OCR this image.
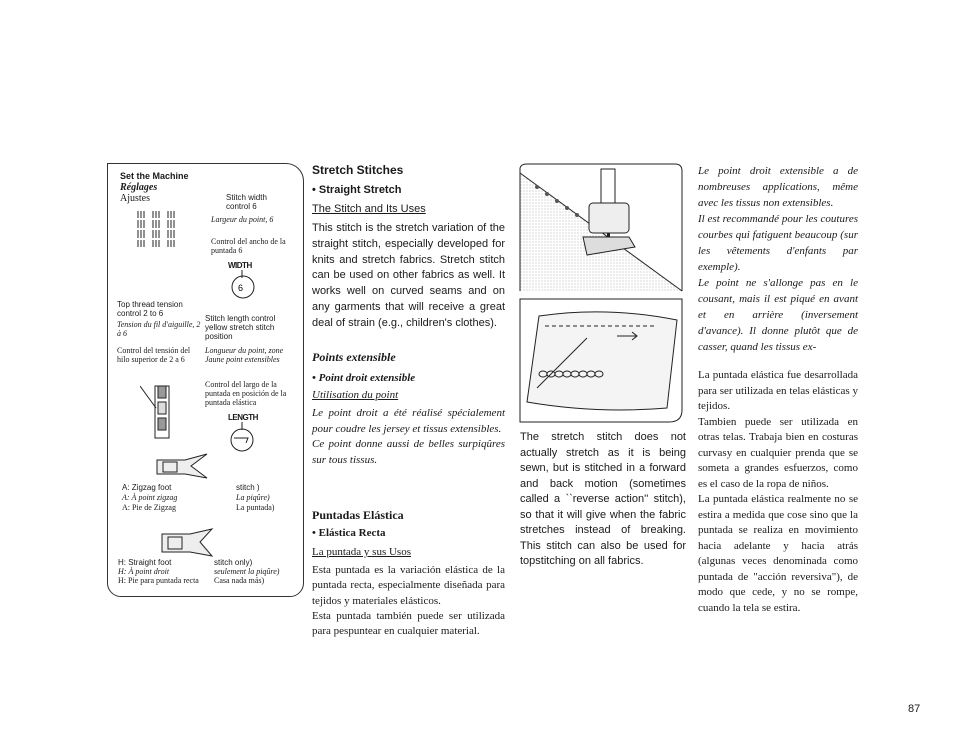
Set the Machine
Réglages
Ajustes	Stitch width control 6
Largeur du point, 6
Control del ancho de la puntada 6
WIDTH
6
Top thread tension control 2 to 6
Tension du fil d'aiguille, 2 à 6
Control del tensión del hilo superior de 2 a 6
Stitch length control yellow stretch stitch position
Longueur du point, zone Jaune point extensibles
Control del largo de la puntada en posición de la puntada elástica
LENGTH
A: Zigzag foot	stitch )
A: À point zigzag	La piqûre)
A: Pie de Zigzag	La puntada)
H: Straight foot	stitch only)
H: À point droit	seulement la piqûre)
H: Pie para puntada recta	Casa nada más)
Stretch Stitches
• Straight Stretch
The Stitch and Its Uses

This stitch is the stretch variation of the straight stitch, especially developed for knits and stretch fabrics. Stretch stitch can be used on other fabrics as well. It works well on curved seams and on any garments that will receive a great deal of strain (e.g., children's clothes).

Points extensible
• Point droit extensible
Utilisation du point

Le point droit a été réalisé spécialement pour coudre les jersey et tissus extensibles.

Ce point donne aussi de belles surpiqûres sur tous tissus.

Puntadas Elástica
• Elástica Recta
La puntada y sus Usos

Esta puntada es la variación elástica de la puntada recta, especialmente diseñada para tejidos y materiales elásticos.

Esta puntada también puede ser utilizada para pespuntear en cualquier material.

The stretch stitch does not actually stretch as it is being sewn, but is stitched in a forward and back motion (sometimes called a ``reverse action'' stitch), so that it will give when the fabric stretches instead of breaking. This stitch can also be used for topstitching on all fabrics.

Le point droit extensible a de nombreuses applications, même avec les tissus non extensibles.

Il est recommandé pour les coutures courbes qui fatiguent beaucoup (sur les vêtements d'enfants par exemple).

Le point ne s'allonge pas en le cousant, mais il est piqué en avant et en arrière (inversement d'avance). Il donne plutôt que de casser, quand les tissus ex-

La puntada elástica fue desarrollada para ser utilizada en telas elásticas y tejidos.

Tambien puede ser utilizada en otras telas. Trabaja bien en costuras curvasy en cualquier prenda que se someta a grandes esfuerzos, como es el caso de la ropa de niños.

La puntada elástica realmente no se estira a medida que cose sino que la puntada se realiza en movimiento hacia adelante y hacia atrás (algunas veces denominada como puntada de "acción reversiva"), de modo que cede, y no se rompe, cuando la tela se estira.

87
